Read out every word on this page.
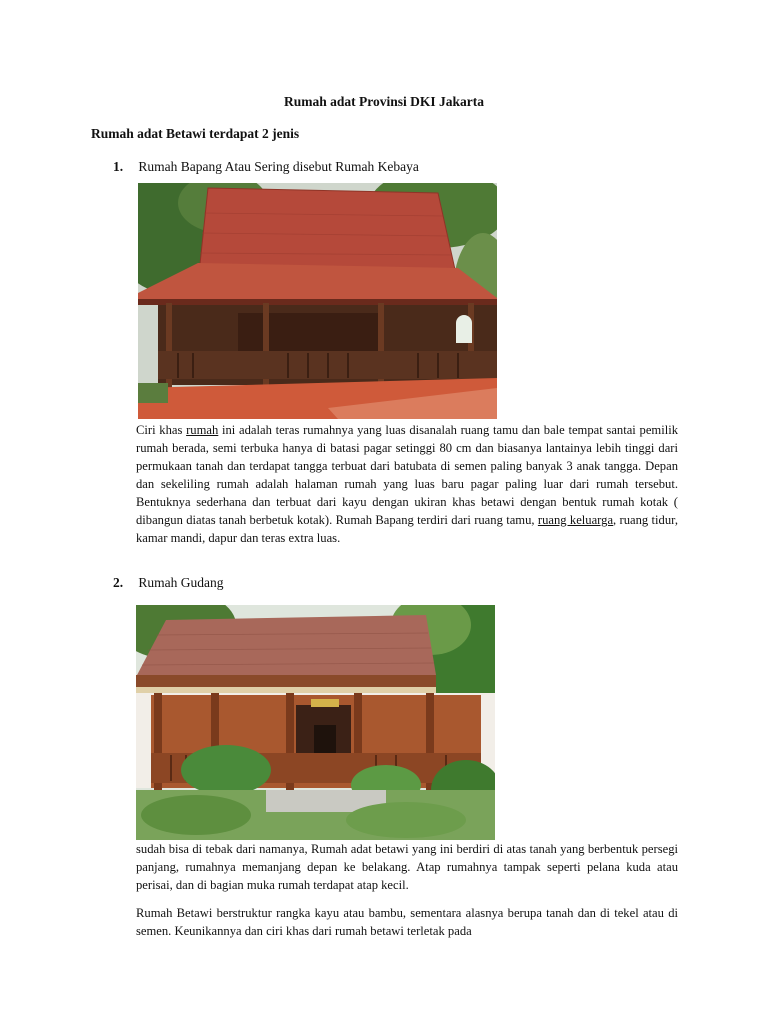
Rumah adat Provinsi DKI Jakarta
Rumah adat Betawi terdapat 2 jenis
1. Rumah Bapang Atau Sering disebut Rumah Kebaya
Ciri khas rumah ini adalah teras rumahnya yang luas disanalah ruang tamu dan bale tempat santai pemilik rumah berada, semi terbuka hanya di batasi pagar setinggi 80 cm dan biasanya lantainya lebih tinggi dari permukaan tanah dan terdapat tangga terbuat dari batubata di semen paling banyak 3 anak tangga. Depan dan sekeliling rumah adalah halaman rumah yang luas baru pagar paling luar dari rumah tersebut. Bentuknya sederhana dan terbuat dari kayu dengan ukiran khas betawi dengan bentuk rumah kotak ( dibangun diatas tanah berbetuk kotak). Rumah Bapang terdiri dari ruang tamu, ruang keluarga, ruang tidur, kamar mandi, dapur dan teras extra luas.
2. Rumah Gudang
sudah bisa di tebak dari namanya, Rumah adat betawi yang ini berdiri di atas tanah yang berbentuk persegi panjang, rumahnya memanjang depan ke belakang. Atap rumahnya tampak seperti pelana kuda atau perisai, dan di bagian muka rumah terdapat atap kecil.
Rumah Betawi berstruktur rangka kayu atau bambu, sementara alasnya berupa tanah dan di tekel atau di semen. Keunikannya dan ciri khas dari rumah betawi terletak pada
